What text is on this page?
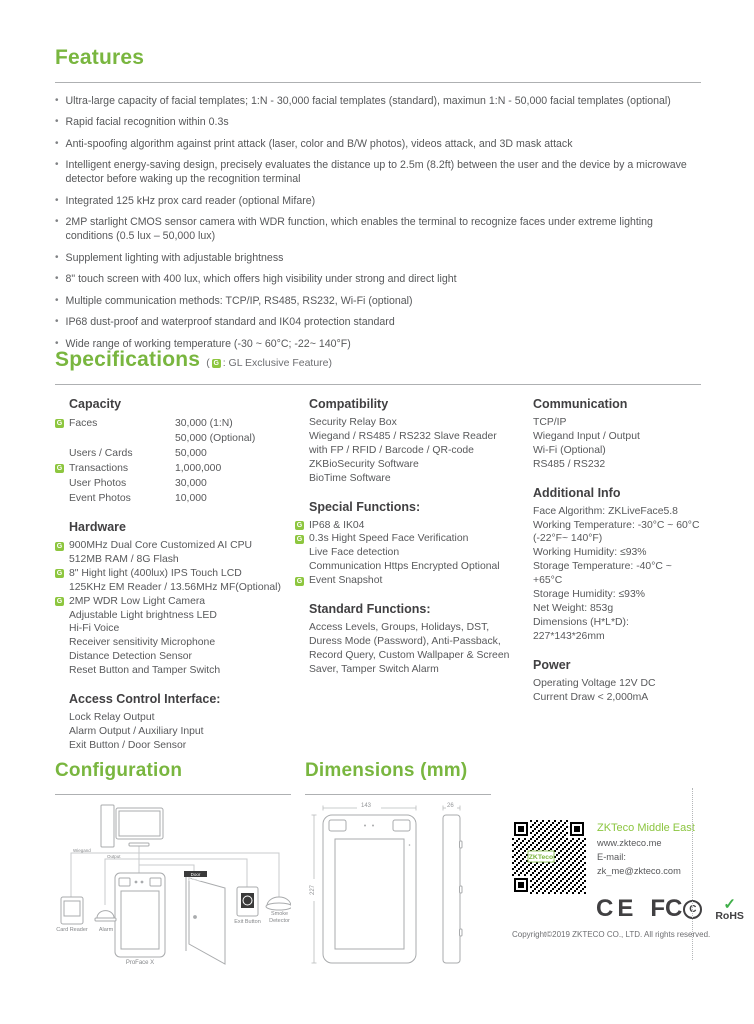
Features
• Ultra-large capacity of facial templates; 1:N - 30,000 facial templates (standard), maximun 1:N - 50,000 facial templates (optional)
• Rapid facial recognition within 0.3s
• Anti-spoofing algorithm against print attack (laser, color and B/W photos), videos attack, and 3D mask attack
• Intelligent energy-saving design, precisely evaluates the distance up to 2.5m (8.2ft) between the user and the device by a microwave detector before waking up the recognition terminal
• Integrated 125 kHz prox card reader (optional Mifare)
• 2MP starlight CMOS sensor camera with WDR function, which enables the terminal to recognize faces under extreme lighting conditions (0.5 lux – 50,000 lux)
• Supplement lighting with adjustable brightness
• 8" touch screen with 400 lux, which offers high visibility under strong and direct light
• Multiple communication methods: TCP/IP, RS485, RS232, Wi-Fi (optional)
• IP68 dust-proof and waterproof standard and IK04 protection standard
• Wide range of working temperature (-30 ~ 60°C; -22~ 140°F)
Specifications ( G : GL Exclusive Feature)
Capacity
G Faces	30,000 (1:N)
50,000 (Optional)
Users / Cards	50,000
G Transactions	1,000,000
User Photos	30,000
Event Photos	10,000
Hardware
G 900MHz Dual Core Customized AI CPU
512MB RAM / 8G Flash
G 8" Hight light (400lux) IPS Touch LCD
125KHz EM Reader / 13.56MHz MF(Optional)
G 2MP WDR Low Light Camera
Adjustable Light brightness LED
Hi-Fi Voice
Receiver sensitivity Microphone
Distance Detection Sensor
Reset Button and Tamper Switch
Access Control Interface:
Lock Relay Output
Alarm Output / Auxiliary Input
Exit Button / Door Sensor
Compatibility
Security Relay Box
Wiegand / RS485 / RS232 Slave Reader
with FP / RFID / Barcode / QR-code
ZKBioSecurity Software
BioTime Software
Special Functions:
G IP68 & IK04
G 0.3s Hight Speed Face Verification
Live Face detection
Communication Https Encrypted Optional
G Event Snapshot
Standard Functions:
Access Levels, Groups, Holidays, DST,
Duress Mode (Password), Anti-Passback,
Record Query, Custom Wallpaper & Screen
Saver, Tamper Switch Alarm
Communication
TCP/IP
Wiegand Input / Output
Wi-Fi (Optional)
RS485 / RS232
Additional Info
Face Algorithm: ZKLiveFace5.8
Working Temperature: -30°C ~ 60°C
(-22°F~ 140°F)
Working Humidity: ≤93%
Storage Temperature: -40°C ~ +65°C
Storage Humidity: ≤93%
Net Weight: 853g
Dimensions (H*L*D): 227*143*26mm
Power
Operating Voltage 12V DC
Current Draw < 2,000mA
Configuration
Wiegand
Output
Card Reader	Alarm
ProFace X
Door Sensor
Exit Button
Smoke Detector
Dimensions (mm)
143
227
26
ZKTeco
ZKTeco Middle East
www.zkteco.me
E-mail: zk_me@zkteco.com
CE FC C	✓
RoHS
Copyright©2019 ZKTECO CO., LTD. All rights reserved.
